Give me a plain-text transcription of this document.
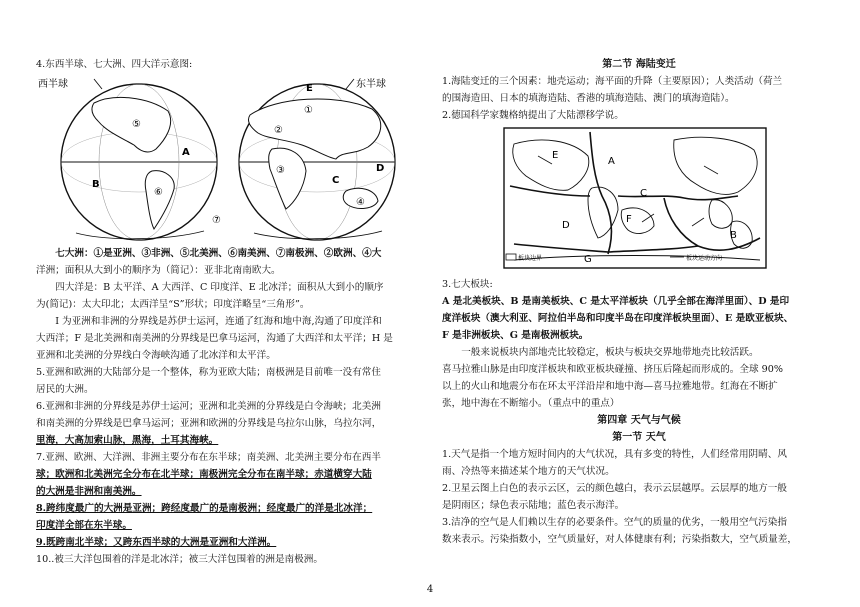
4.东西半球、七大洲、四大洋示意图:

西半球	东半球
⑤
⑥
①
②
③
④
⑦
A
B	C
D
E

七大洲：①是亚洲、③非洲、⑤北美洲、⑥南美洲、⑦南极洲、②欧洲、④大

洋洲；面积从大到小的顺序为（简记）：亚非北南南欧大。

四大洋是：B 太平洋、A 大西洋、C 印度洋、E 北冰洋；面积从大到小的顺序

为(简记)：太大印北；太西洋呈“S”形状；印度洋略呈“三角形”。

Ⅰ 为亚洲和非洲的分界线是苏伊士运河，连通了红海和地中海,沟通了印度洋和

大西洋；F 是北美洲和南美洲的分界线是巴拿马运河，沟通了大西洋和太平洋；H 是

亚洲和北美洲的分界线白令海峡沟通了北冰洋和太平洋。

5.亚洲和欧洲的大陆部分是一个整体，称为亚欧大陆；南极洲是目前唯一没有常住

居民的大洲。

6.亚洲和非洲的分界线是苏伊士运河；亚洲和北美洲的分界线是白令海峡；北美洲

和南美洲的分界线是巴拿马运河；亚洲和欧洲的分界线是乌拉尔山脉，乌拉尔河，

里海，大高加索山脉，黑海，土耳其海峡。

7.亚洲、欧洲、大洋洲、非洲主要分布在东半球；南美洲、北美洲主要分布在西半

球；欧洲和北美洲完全分布在北半球；南极洲完全分布在南半球；赤道横穿大陆

的大洲是非洲和南美洲。

8.跨纬度最广的大洲是亚洲；跨经度最广的是南极洲；经度最广的洋是北冰洋；

印度洋全部在东半球。

9.既跨南北半球；又跨东西半球的大洲是亚洲和大洋洲。

10..被三大洋包围着的洋是北冰洋；被三大洋包围着的洲是南极洲。

第二节 海陆变迁

1.海陆变迁的三个因素：地壳运动；海平面的升降（主要原因）；人类活动（荷兰

的围海造田、日本的填海造陆、香港的填海造陆、澳门的填海造陆）。

2.德国科学家魏格纳提出了大陆漂移学说。

板块边界	板块运动方向
A
B
C
D
E
F
G

3.七大板块:

A 是北美板块、B 是南美板块、C 是太平洋板块（几乎全部在海洋里面）、D 是印

度洋板块（澳大利亚、阿拉伯半岛和印度半岛在印度洋板块里面）、E 是欧亚板块、

F 是非洲板块、G 是南极洲板块。

一般来说板块内部地壳比较稳定，板块与板块交界地带地壳比较活跃。

喜马拉雅山脉是由印度洋板块和欧亚板块碰撞、挤压后隆起而形成的。全球 90%

以上的火山和地震分布在环太平洋沿岸和地中海—喜马拉雅地带。红海在不断扩

张，地中海在不断缩小。（重点中的重点）

第四章 天气与气候

第一节 天气

1.天气是指一个地方短时间内的大气状况，具有多变的特性，人们经常用阴晴、风

雨、冷热等来描述某个地方的天气状况。

2.卫星云图上白色的表示云区，云的颜色越白，表示云层越厚。云层厚的地方一般

是阴雨区；绿色表示陆地；蓝色表示海洋。

3.洁净的空气是人们赖以生存的必要条件。空气的质量的优劣，一般用空气污染指

数来表示。污染指数小，空气质量好，对人体健康有利；污染指数大，空气质量差，

4
